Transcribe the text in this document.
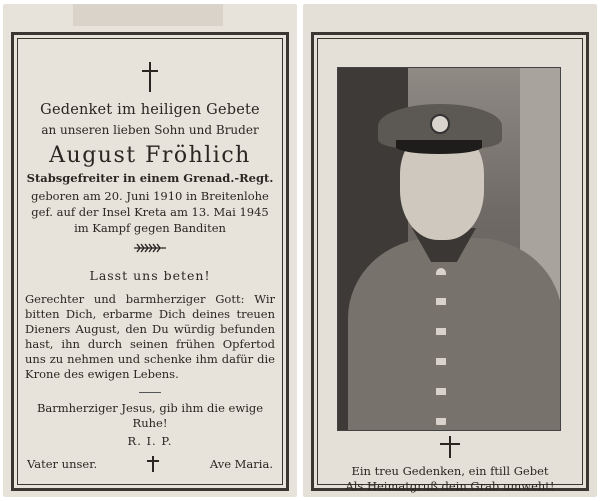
Gedenket im heiligen Gebete
an unseren lieben Sohn und Bruder
August Fröhlich
Stabsgefreiter in einem Grenad.-Regt.
geboren am 20. Juni 1910 in Breitenlohe
gef. auf der Insel Kreta am 13. Mai 1945
im Kampf gegen Banditen
Lasst uns beten!
Gerechter und barmherziger Gott: Wir bitten Dich, erbarme Dich deines treuen Dieners August, den Du würdig befunden hast, ihn durch seinen frühen Opfertod uns zu nehmen und schenke ihm dafür die Krone des ewigen Lebens.
Barmherziger Jesus, gib ihm die ewige Ruhe!
R. I. P.
Vater unser.	Ave Maria.	Ein treu Gedenken, ein ftill Gebet
Als Heimatgruß dein Grab umweht!
